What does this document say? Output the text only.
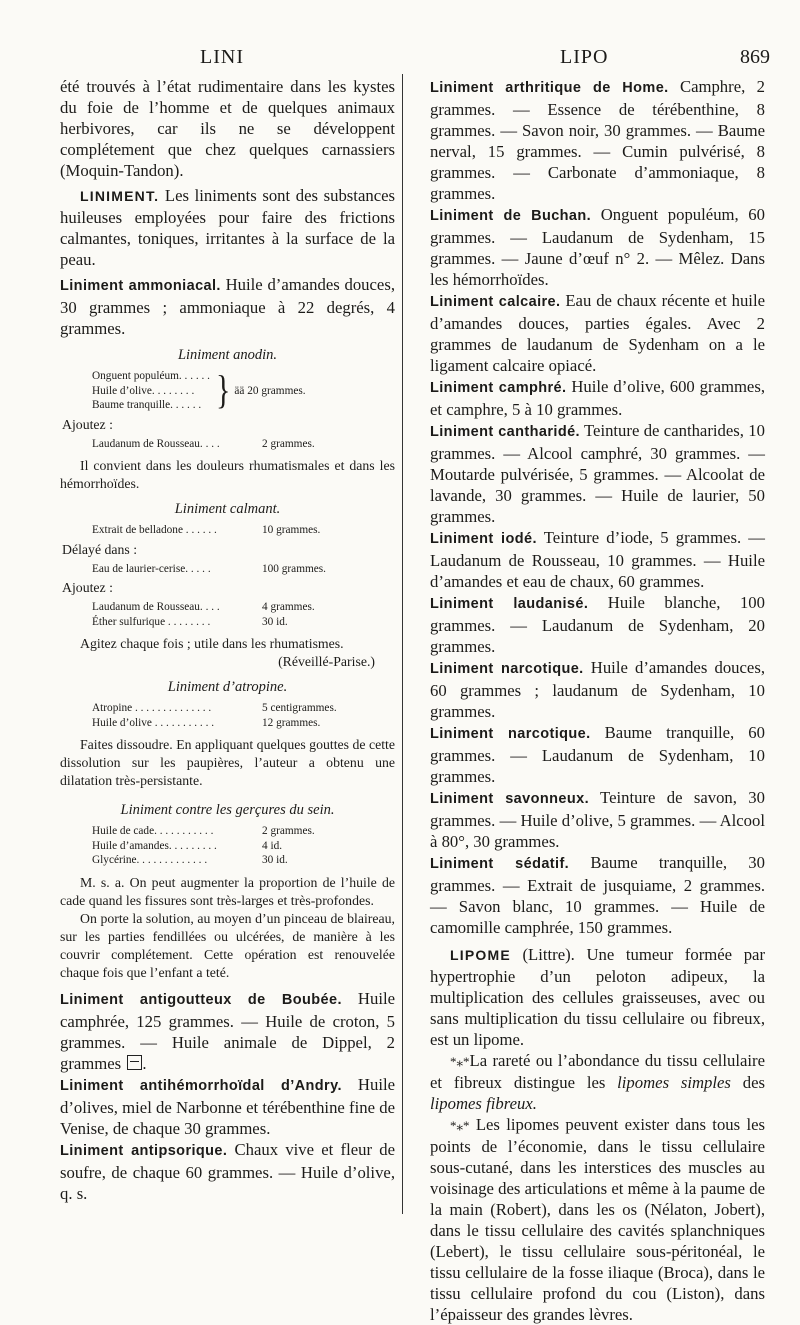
LINI	LIPO	869

été trouvés à l’état rudimentaire dans les kystes du foie de l’homme et de quelques animaux herbivores, car ils ne se développent complétement que chez quelques carnassiers (Moquin-Tandon).

LINIMENT. Les liniments sont des substances huileuses employées pour faire des frictions calmantes, toniques, irritantes à la surface de la peau.

Liniment ammoniacal. Huile d’amandes douces, 30 grammes ; ammoniaque à 22 degrés, 4 grammes.

Liniment anodin.
Onguent populéum. . . . . .
Huile d’olive. . . . . . . .
Baume tranquille. . . . . . } ää 20 grammes.

Ajoutez :

Laudanum de Rousseau. . . .	2 grammes.

Il convient dans les douleurs rhumatismales et dans les hémorrhoïdes.

Liniment calmant.
Extrait de belladone . . . . . .	10 grammes.

Délayé dans :

Eau de laurier-cerise. . . . .	100 grammes.

Ajoutez :

Laudanum de Rousseau. . . .	4 grammes.
Éther sulfurique . . . . . . . .	30 id.

Agitez chaque fois ; utile dans les rhumatismes.

(Réveillé-Parise.)

Liniment d’atropine.
Atropine . . . . . . . . . . . . . .	5 centigrammes.
Huile d’olive . . . . . . . . . . .	12 grammes.

Faites dissoudre. En appliquant quelques gouttes de cette dissolution sur les paupières, l’auteur a obtenu une dilatation très-persistante.

Liniment contre les gerçures du sein.
Huile de cade. . . . . . . . . . .	2 grammes.
Huile d’amandes. . . . . . . . .	4 id.
Glycérine. . . . . . . . . . . . .	30 id.

M. s. a. On peut augmenter la proportion de l’huile de cade quand les fissures sont très-larges et très-profondes.

On porte la solution, au moyen d’un pinceau de blaireau, sur les parties fendillées ou ulcérées, de manière à les couvrir complétement. Cette opération est renouvelée chaque fois que l’enfant a teté.

Liniment antigoutteux de Boubée. Huile camphrée, 125 grammes. — Huile de croton, 5 grammes. — Huile animale de Dippel, 2 grammes .

Liniment antihémorrhoïdal d’Andry. Huile d’olives, miel de Narbonne et térébenthine fine de Venise, de chaque 30 grammes.

Liniment antipsorique. Chaux vive et fleur de soufre, de chaque 60 grammes. — Huile d’olive, q. s.

Liniment arthritique de Home. Camphre, 2 grammes. — Essence de térébenthine, 8 grammes. — Savon noir, 30 grammes. — Baume nerval, 15 grammes. — Cumin pulvérisé, 8 grammes. — Carbonate d’ammoniaque, 8 grammes.

Liniment de Buchan. Onguent populéum, 60 grammes. — Laudanum de Sydenham, 15 grammes. — Jaune d’œuf n° 2. — Mêlez. Dans les hémorrhoïdes.

Liniment calcaire. Eau de chaux récente et huile d’amandes douces, parties égales. Avec 2 grammes de laudanum de Sydenham on a le ligament calcaire opiacé.

Liniment camphré. Huile d’olive, 600 grammes, et camphre, 5 à 10 grammes.

Liniment cantharidé. Teinture de cantharides, 10 grammes. — Alcool camphré, 30 grammes. — Moutarde pulvérisée, 5 grammes. — Alcoolat de lavande, 30 grammes. — Huile de laurier, 50 grammes.

Liniment iodé. Teinture d’iode, 5 grammes. — Laudanum de Rousseau, 10 grammes. — Huile d’amandes et eau de chaux, 60 grammes.

Liniment laudanisé. Huile blanche, 100 grammes. — Laudanum de Sydenham, 20 grammes.

Liniment narcotique. Huile d’amandes douces, 60 grammes ; laudanum de Sydenham, 10 grammes.

Liniment narcotique. Baume tranquille, 60 grammes. — Laudanum de Sydenham, 10 grammes.

Liniment savonneux. Teinture de savon, 30 grammes. — Huile d’olive, 5 grammes. — Alcool à 80°, 30 grammes.

Liniment sédatif. Baume tranquille, 30 grammes. — Extrait de jusquiame, 2 grammes. — Savon blanc, 10 grammes. — Huile de camomille camphrée, 150 grammes.

LIPOME (Littre). Une tumeur formée par hypertrophie d’un peloton adipeux, la multiplication des cellules graisseuses, avec ou sans multiplication du tissu cellulaire ou fibreux, est un lipome.

*⁎*La rareté ou l’abondance du tissu cellulaire et fibreux distingue les lipomes simples des lipomes fibreux.

*⁎* Les lipomes peuvent exister dans tous les points de l’économie, dans le tissu cellulaire sous-cutané, dans les interstices des muscles au voisinage des articulations et même à la paume de la main (Robert), dans les os (Nélaton, Jobert), dans le tissu cellulaire des cavités splanchniques (Lebert), le tissu cellulaire sous-péritonéal, le tissu cellulaire de la fosse iliaque (Broca), dans le tissu cellulaire profond du cou (Liston), dans l’épaisseur des grandes lèvres.
